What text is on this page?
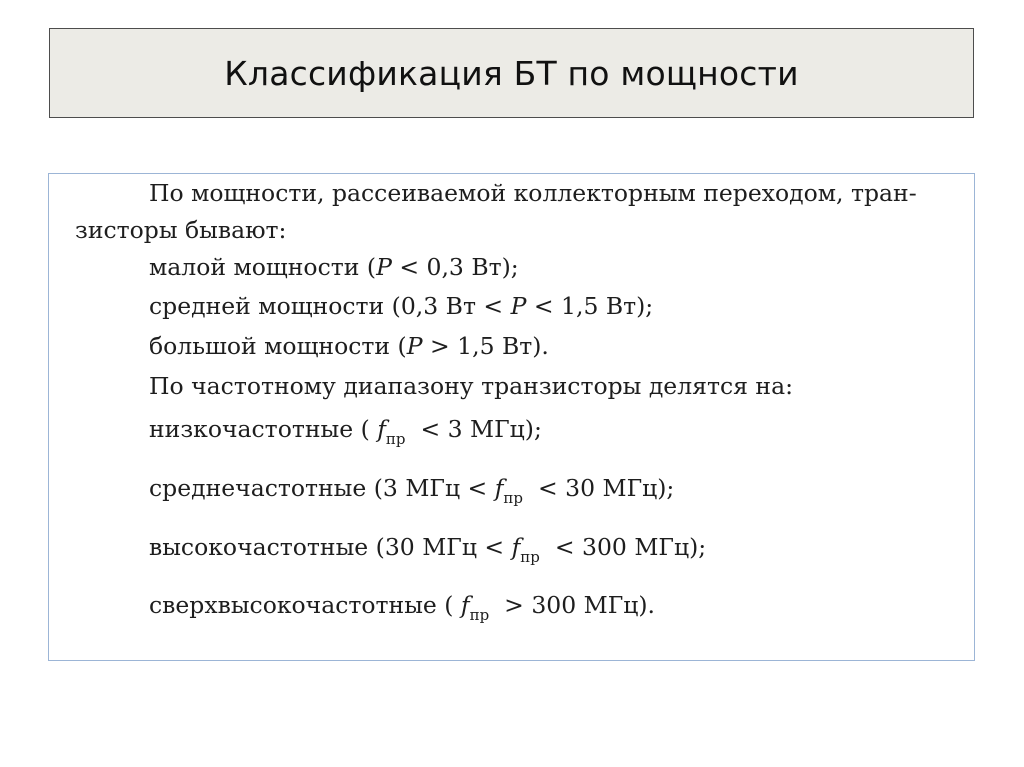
Классификация БТ по мощности
По мощности, рассеиваемой коллекторным переходом, тран-
зисторы бывают:
малой мощности (P < 0,3 Вт);
средней мощности (0,3 Вт < P < 1,5 Вт);
большой мощности (P > 1,5 Вт).
По частотному диапазону транзисторы делятся на:
низкочастотные ( $f_{пр} < 3$ МГц);
среднечастотные (3 МГц < $f_{пр} < 30$ МГц);
высокочастотные (30 МГц < $f_{пр} < 300$ МГц);
сверхвысокочастотные ( $f_{пр} > 300$ МГц).
